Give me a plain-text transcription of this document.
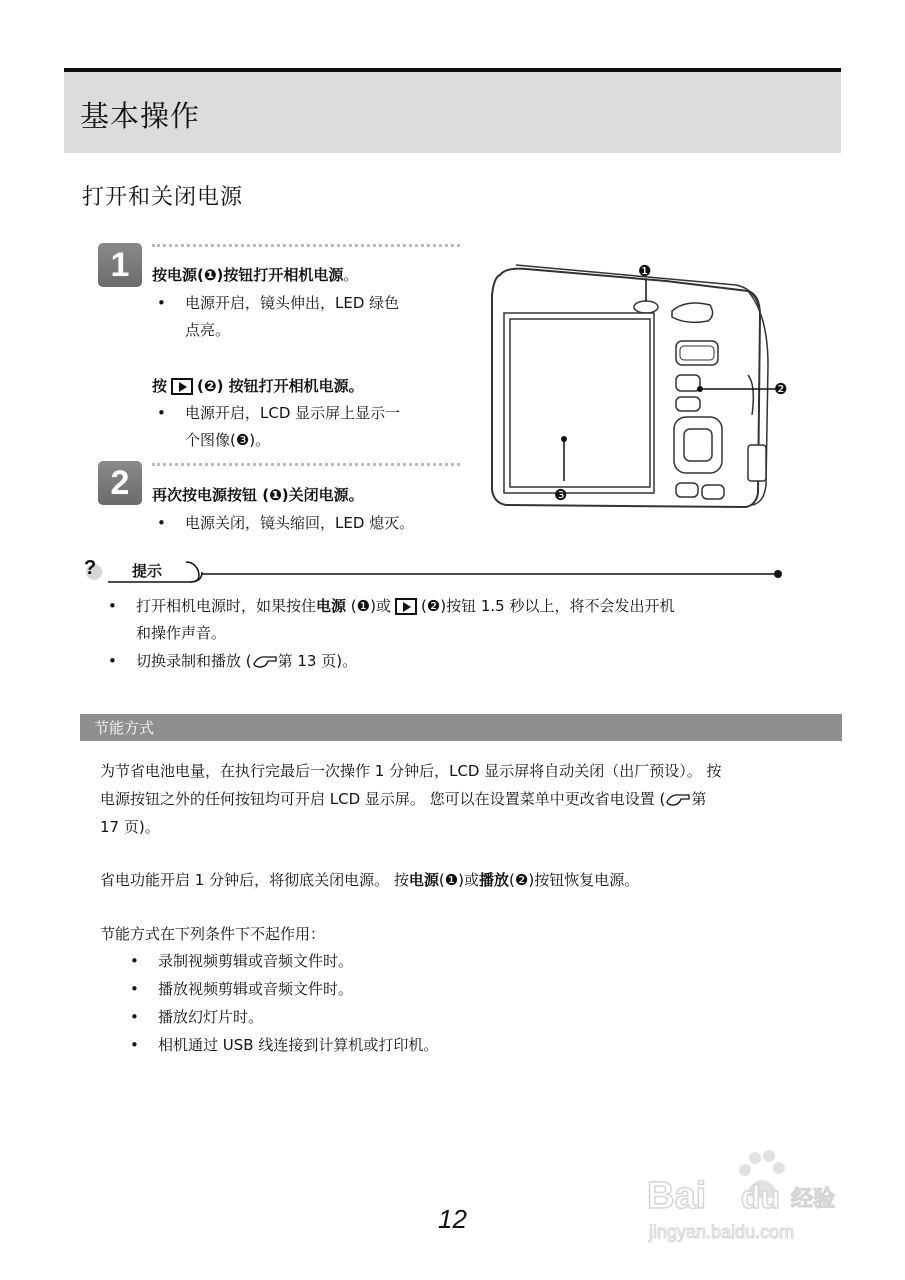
基本操作
打开和关闭电源
1	按电源(❶)按钮打开相机电源。
•	电源开启，镜头伸出，LED 绿色
点亮。
按 (❷) 按钮打开相机电源。
•	电源开启，LCD 显示屏上显示一
个图像(❸)。
2	再次按电源按钮 (❶)关闭电源。
•	电源关闭，镜头缩回，LED 熄灭。
❶
❷
❸
? 提示
•	打开相机电源时，如果按住电源 (❶)或 (❷)按钮 1.5 秒以上，将不会发出开机
和操作声音。
•	切换录制和播放 ( 第 13 页)。
节能方式
为节省电池电量，在执行完最后一次操作 1 分钟后，LCD 显示屏将自动关闭（出厂预设）。 按
电源按钮之外的任何按钮均可开启 LCD 显示屏。 您可以在设置菜单中更改省电设置 ( 第
17 页)。
省电功能开启 1 分钟后，将彻底关闭电源。 按电源(❶)或播放(❷)按钮恢复电源。
节能方式在下列条件下不起作用：
•	录制视频剪辑或音频文件时。
•	播放视频剪辑或音频文件时。
•	播放幻灯片时。
•	相机通过 USB 线连接到计算机或打印机。
12
Bai du 经验
jingyan.baidu.com
